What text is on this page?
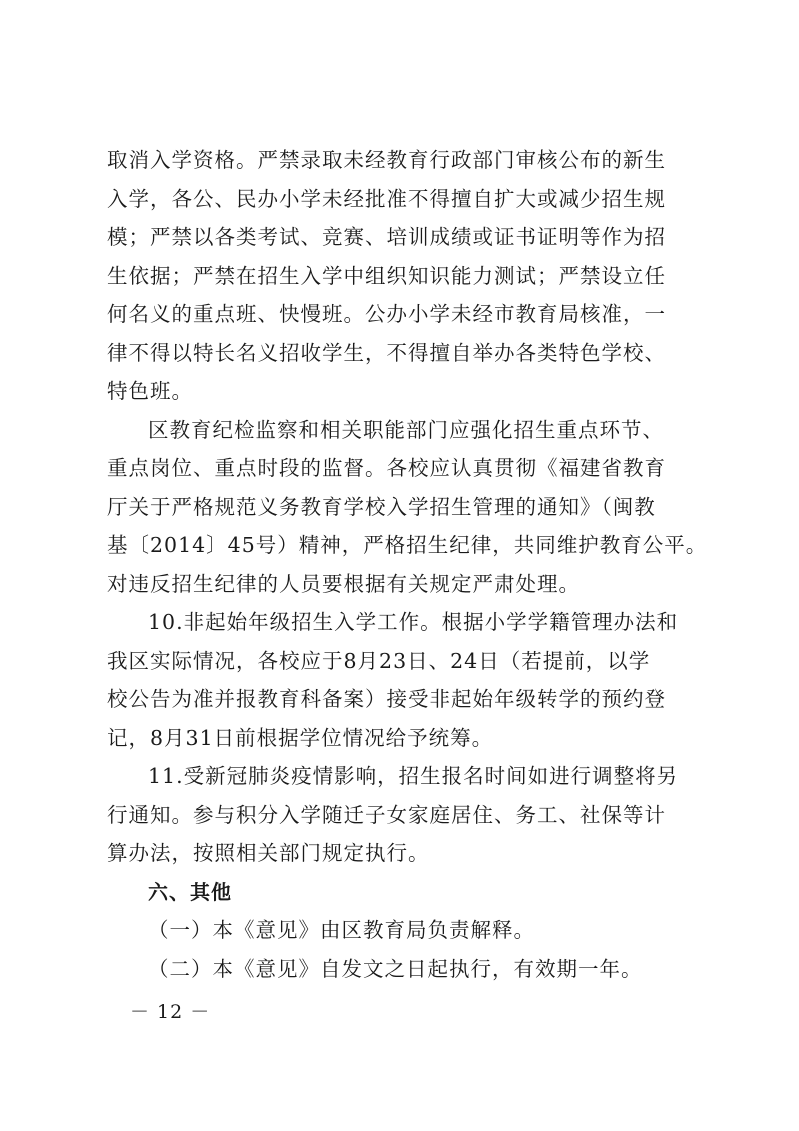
取消入学资格。严禁录取未经教育行政部门审核公布的新生
入学，各公、民办小学未经批准不得擅自扩大或减少招生规
模；严禁以各类考试、竞赛、培训成绩或证书证明等作为招
生依据；严禁在招生入学中组织知识能力测试；严禁设立任
何名义的重点班、快慢班。公办小学未经市教育局核准，一
律不得以特长名义招收学生，不得擅自举办各类特色学校、
特色班。
区教育纪检监察和相关职能部门应强化招生重点环节、
重点岗位、重点时段的监督。各校应认真贯彻《福建省教育
厅关于严格规范义务教育学校入学招生管理的通知》（闽教
基〔2014〕45号）精神，严格招生纪律，共同维护教育公平。
对违反招生纪律的人员要根据有关规定严肃处理。
10.非起始年级招生入学工作。根据小学学籍管理办法和
我区实际情况，各校应于8月23日、24日（若提前，以学
校公告为准并报教育科备案）接受非起始年级转学的预约登
记，8月31日前根据学位情况给予统筹。
11.受新冠肺炎疫情影响，招生报名时间如进行调整将另
行通知。参与积分入学随迁子女家庭居住、务工、社保等计
算办法，按照相关部门规定执行。
六、其他
（一）本《意见》由区教育局负责解释。
（二）本《意见》自发文之日起执行，有效期一年。
－ 12 －
